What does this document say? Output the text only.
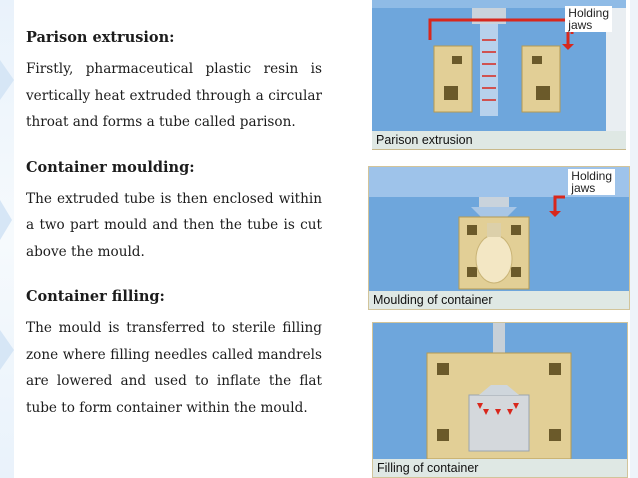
Parison extrusion:

Firstly, pharmaceutical plastic resin is vertically heat extruded through a circular throat and forms a tube called parison.

Container moulding:

The extruded tube is then enclosed within a two part mould and then the tube is cut above the mould.

Container filling:

The mould is transferred to sterile filling zone where filling needles called mandrels are lowered and used to inflate the flat tube to form container within the mould.

Holding
jaws
Parison extrusion
Holding
jaws
Moulding of container
Filling of container
